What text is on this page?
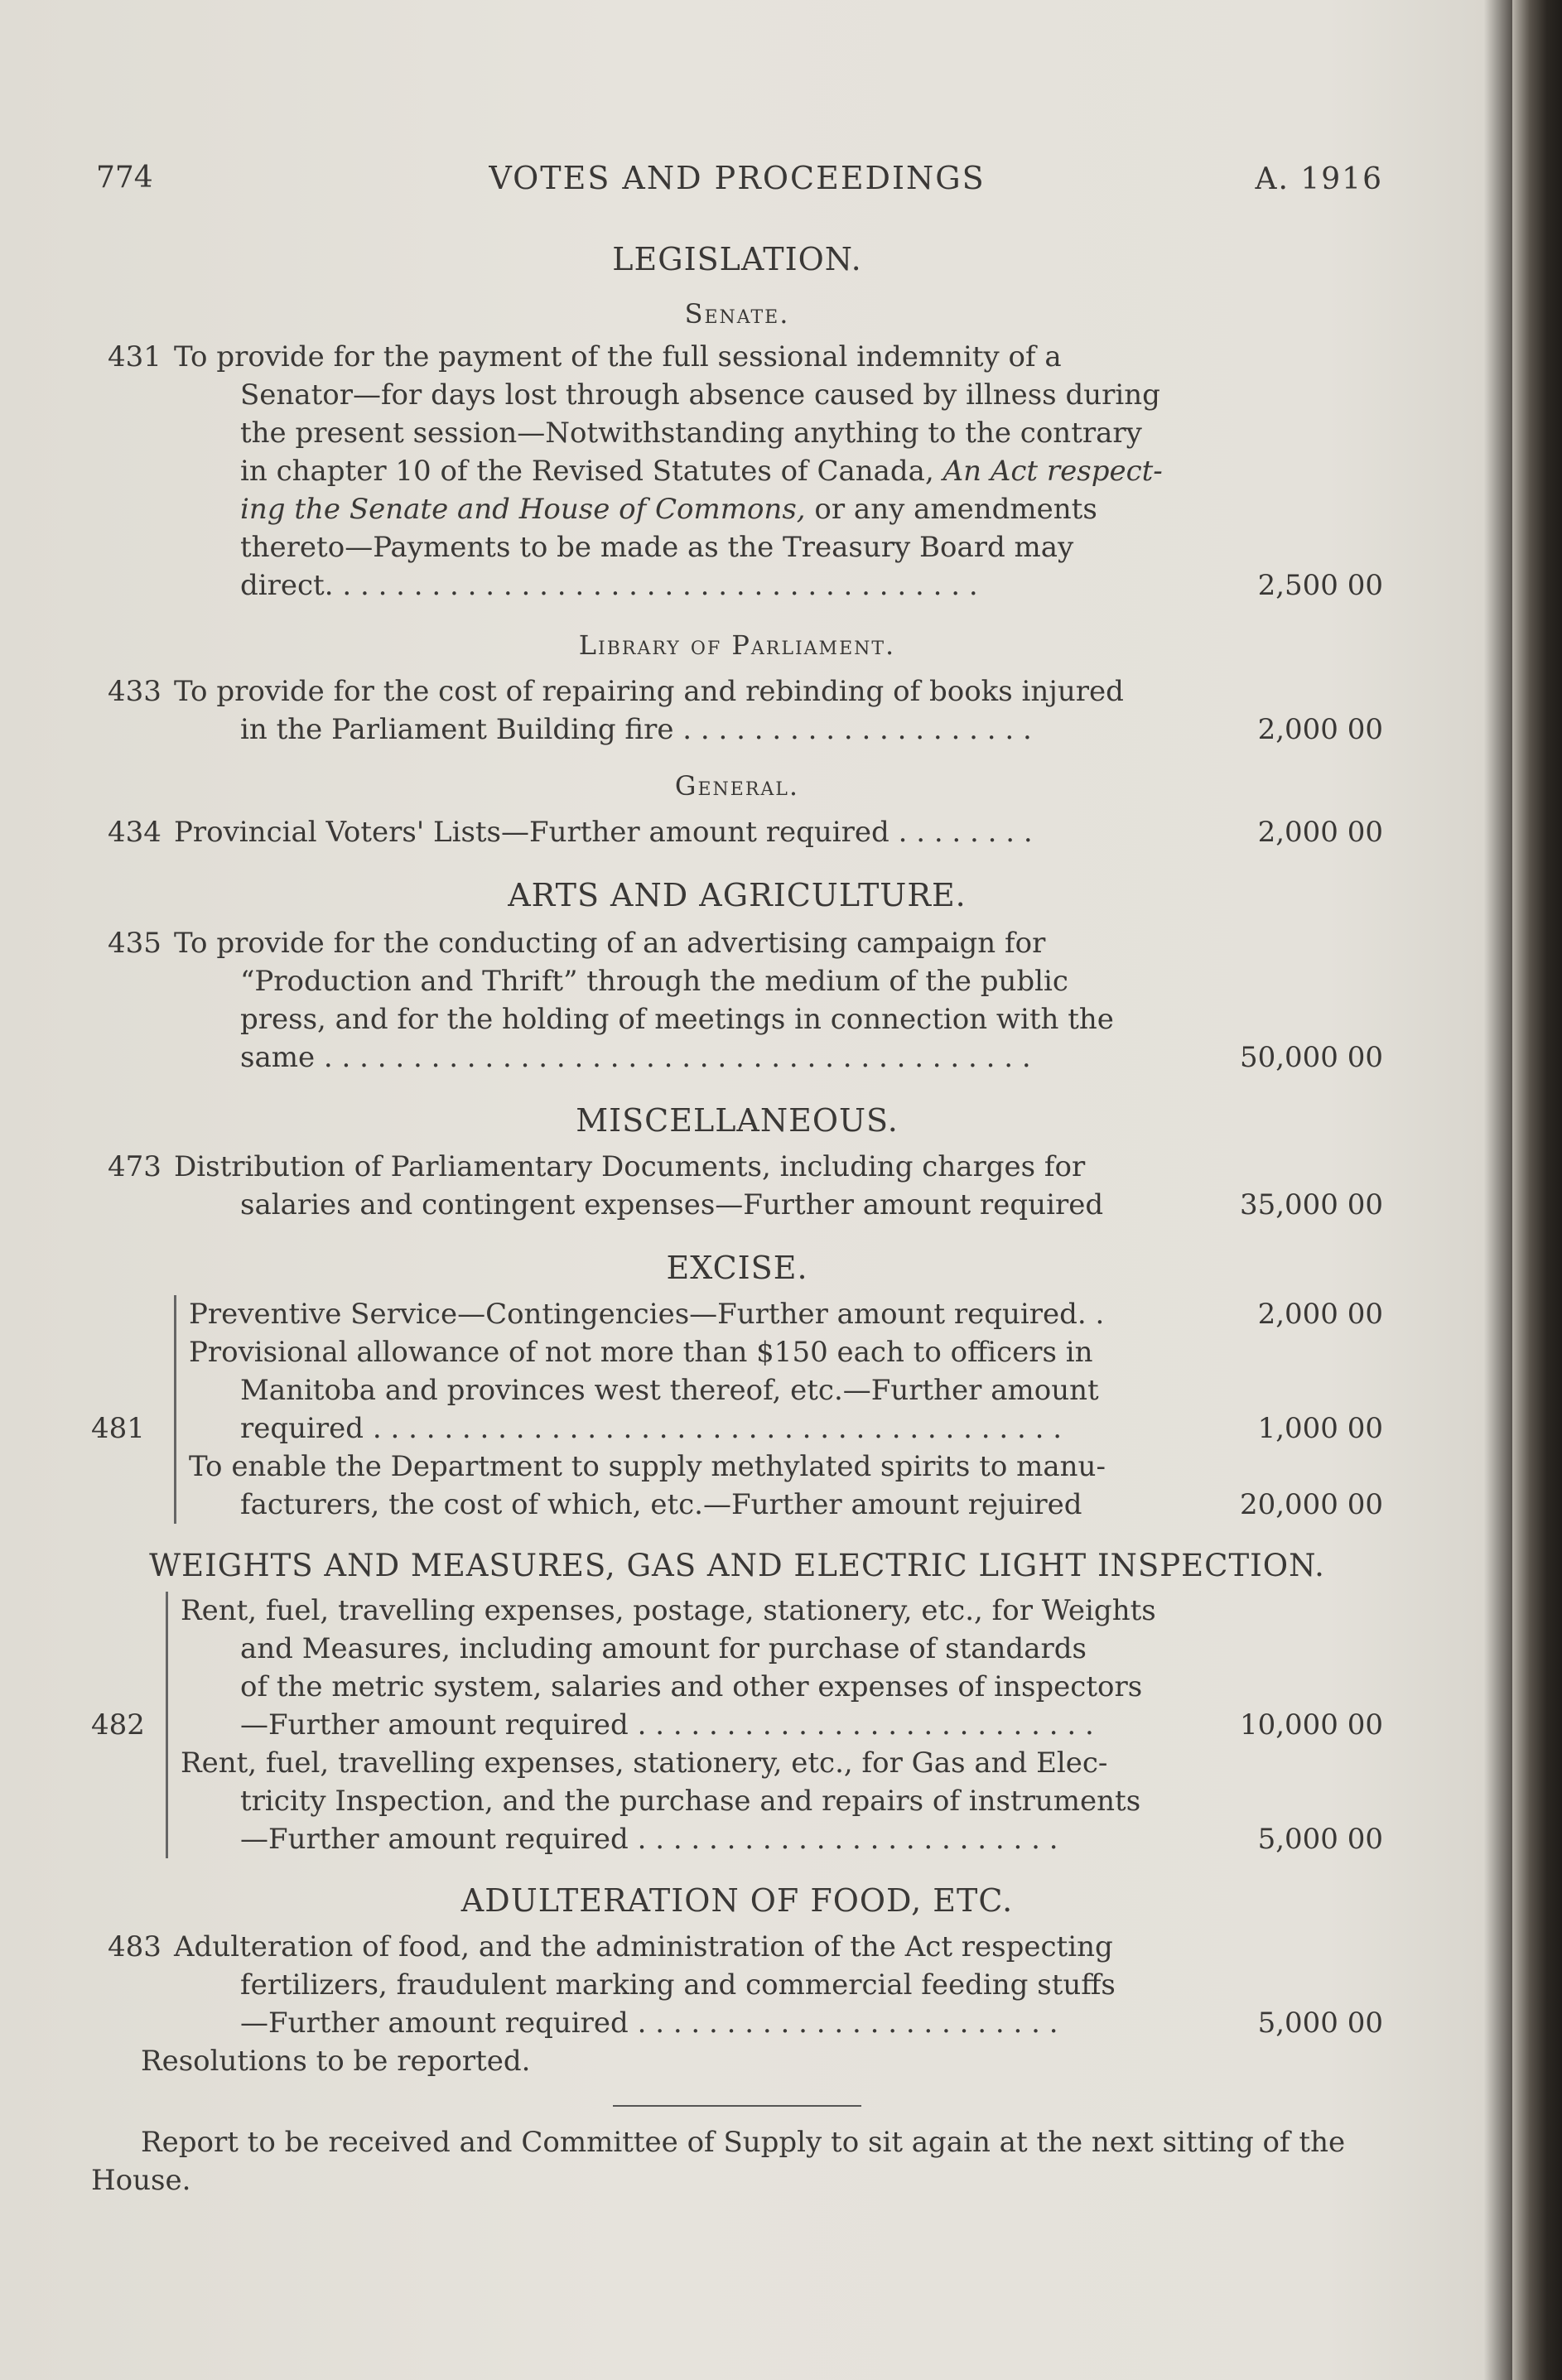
774	VOTES AND PROCEEDINGS	A. 1916
LEGISLATION.
Senate.
431 To provide for the payment of the full sessional indemnity of a
Senator—for days lost through absence caused by illness during
the present session—Notwithstanding anything to the contrary
in chapter 10 of the Revised Statutes of Canada, An Act respect-
ing the Senate and House of Commons, or any amendments
thereto—Payments to be made as the Treasury Board may
direct. . . . . . . . . . . . . . . . . . . . . . . . . . . . . . . . . . . . .	2,500 00
Library of Parliament.
433 To provide for the cost of repairing and rebinding of books injured
in the Parliament Building fire . . . . . . . . . . . . . . . . . . . .	2,000 00
General.
434 Provincial Voters' Lists—Further amount required . . . . . . . .	2,000 00
ARTS AND AGRICULTURE.
435 To provide for the conducting of an advertising campaign for
“Production and Thrift” through the medium of the public
press, and for the holding of meetings in connection with the
same . . . . . . . . . . . . . . . . . . . . . . . . . . . . . . . . . . . . . . . .	50,000 00
MISCELLANEOUS.
473 Distribution of Parliamentary Documents, including charges for
salaries and contingent expenses—Further amount required	35,000 00
EXCISE.
Preventive Service—Contingencies—Further amount required. .	2,000 00
Provisional allowance of not more than $150 each to officers in
Manitoba and provinces west thereof, etc.—Further amount
481	required . . . . . . . . . . . . . . . . . . . . . . . . . . . . . . . . . . . . . . .	1,000 00
To enable the Department to supply methylated spirits to manu-
facturers, the cost of which, etc.—Further amount rejuired	20,000 00
WEIGHTS AND MEASURES, GAS AND ELECTRIC LIGHT INSPECTION.
Rent, fuel, travelling expenses, postage, stationery, etc., for Weights
and Measures, including amount for purchase of standards
of the metric system, salaries and other expenses of inspectors
482	—Further amount required . . . . . . . . . . . . . . . . . . . . . . . . . .	10,000 00
Rent, fuel, travelling expenses, stationery, etc., for Gas and Elec-
tricity Inspection, and the purchase and repairs of instruments
—Further amount required . . . . . . . . . . . . . . . . . . . . . . . .	5,000 00
ADULTERATION OF FOOD, ETC.
483 Adulteration of food, and the administration of the Act respecting
fertilizers, fraudulent marking and commercial feeding stuffs
—Further amount required . . . . . . . . . . . . . . . . . . . . . . . .	5,000 00
Resolutions to be reported.
Report to be received and Committee of Supply to sit again at the next sitting of the House.
